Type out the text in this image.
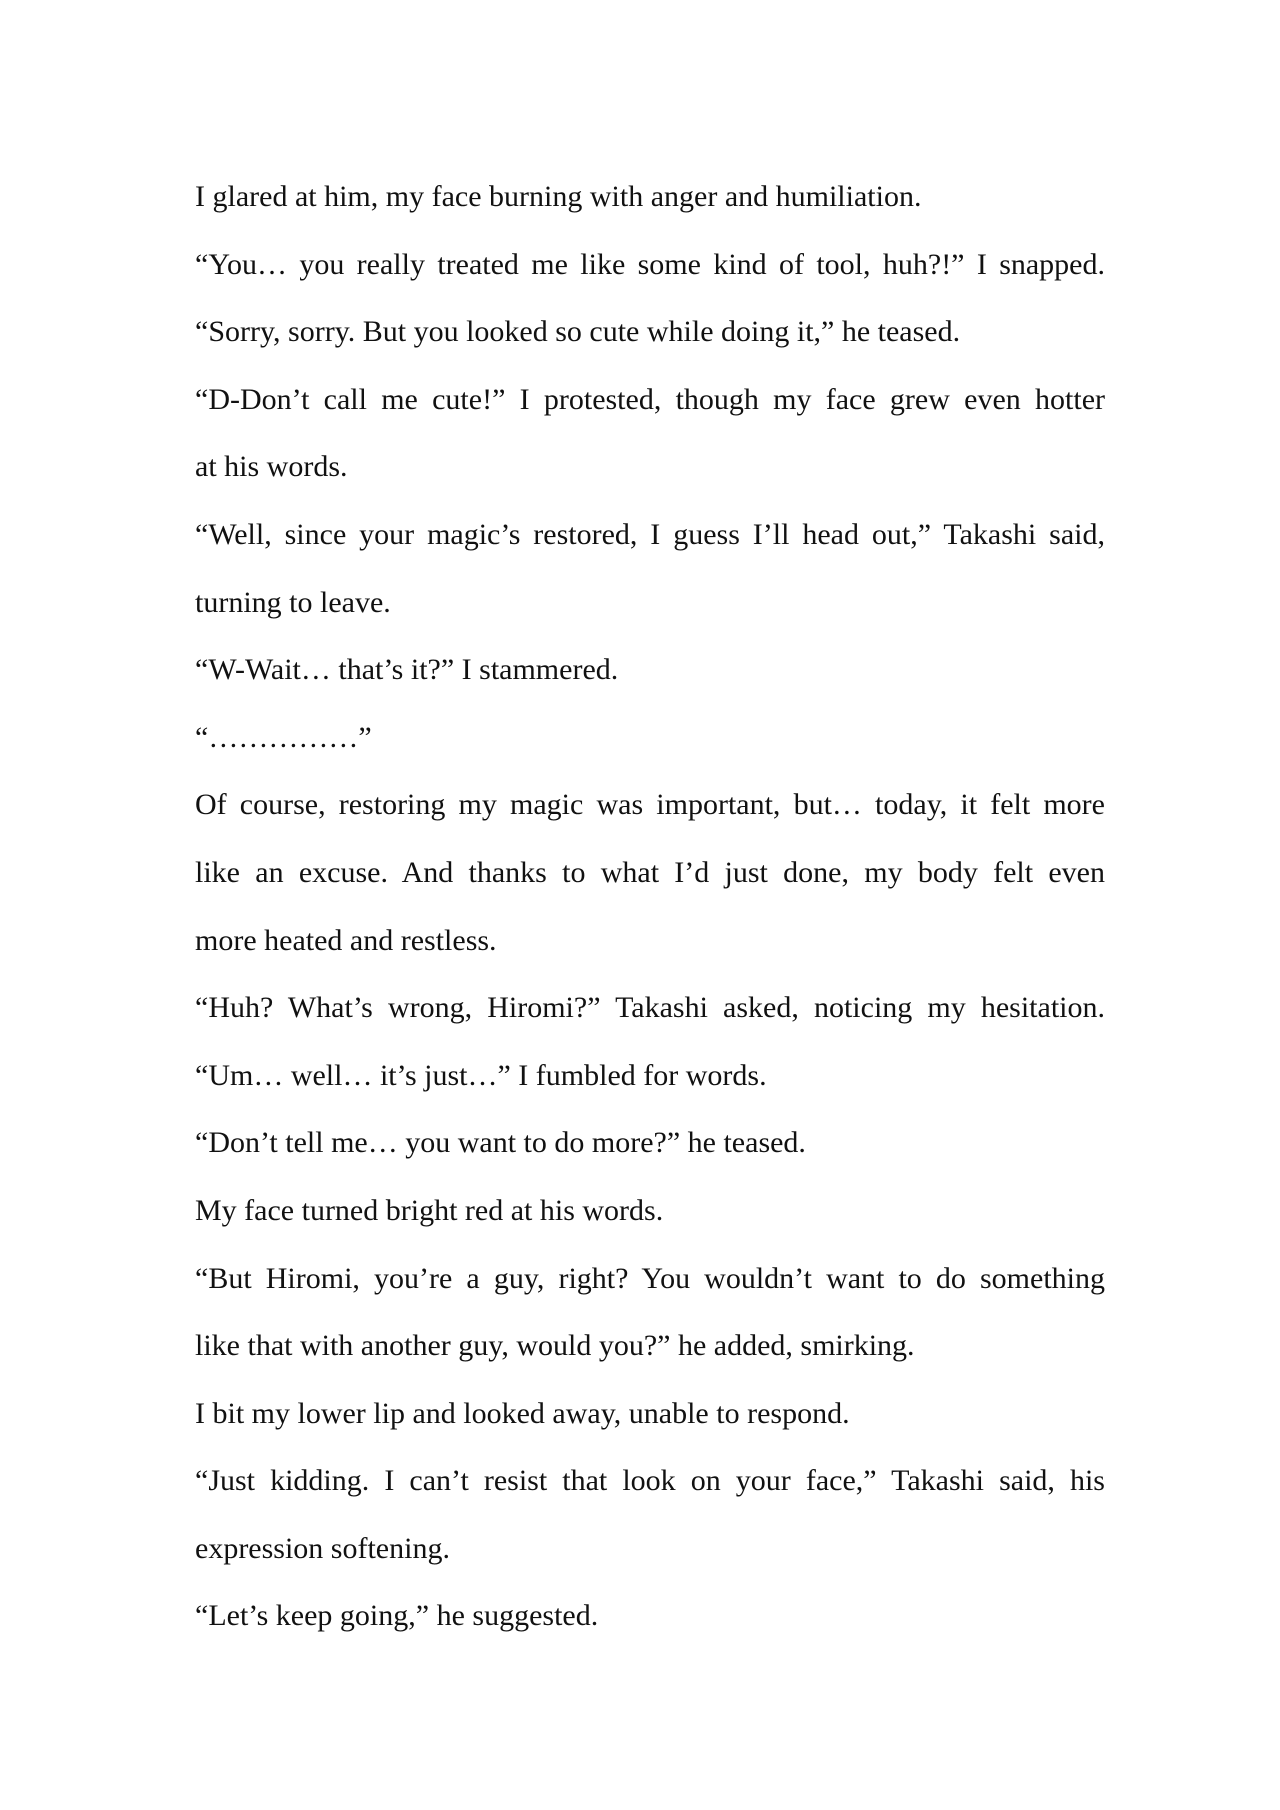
I glared at him, my face burning with anger and humiliation.
“You… you really treated me like some kind of tool, huh?!” I snapped.
“Sorry, sorry. But you looked so cute while doing it,” he teased.
“D-Don’t call me cute!” I protested, though my face grew even hotter
at his words.
“Well, since your magic’s restored, I guess I’ll head out,” Takashi said,
turning to leave.
“W-Wait… that’s it?” I stammered.
“……………”
Of course, restoring my magic was important, but… today, it felt more
like an excuse. And thanks to what I’d just done, my body felt even
more heated and restless.
“Huh? What’s wrong, Hiromi?” Takashi asked, noticing my hesitation.
“Um… well… it’s just…” I fumbled for words.
“Don’t tell me… you want to do more?” he teased.
My face turned bright red at his words.
“But Hiromi, you’re a guy, right? You wouldn’t want to do something
like that with another guy, would you?” he added, smirking.
I bit my lower lip and looked away, unable to respond.
“Just kidding. I can’t resist that look on your face,” Takashi said, his
expression softening.
“Let’s keep going,” he suggested.
